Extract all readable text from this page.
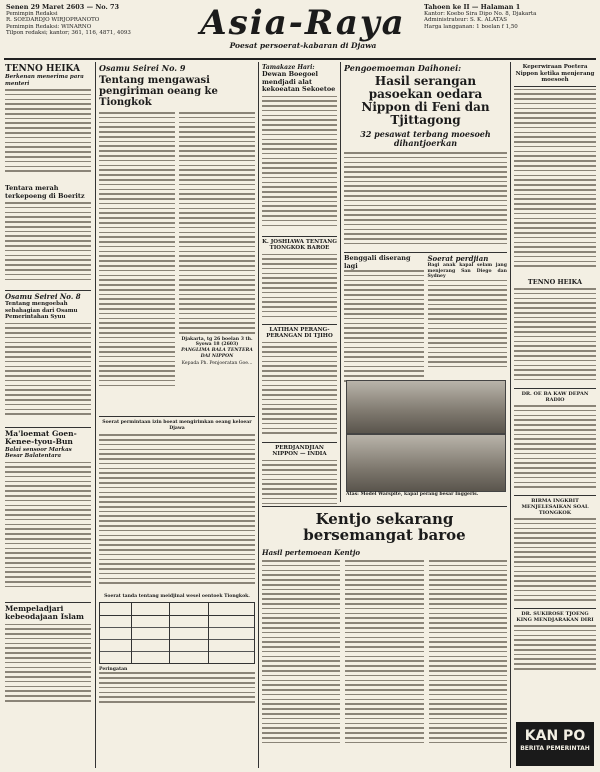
Senen 29 Maret 2603 — No. 73
Pemimpin Redaksi
R. SOEDARDJO WIRJOPRANOTO
Pemimpin Redaksi: WINARNO
Tilpon redaksi; kantor; 361, 116, 4871, 4093	Asia-Raya
Poesat persoerat-kabaran di Djawa
Tahoen ke II — Halaman 1
Kantor: Koebo Sira Dipo No. 8, Djakarta
Administrateur: S. K. ALATAS
Harga langganan: 1 boelan f 1,50
TENNO HEIKA
Berkenan menerima para menteri
Tentara merah terkepoeng di Boeritz
Osamu Seirei No. 8
Tentang mengoebah sebahagian dari Osamu Pemerintahan Syuu
Ma'loemat Goen-Kenee-tyou-Bun
Balai sensoor Markas Besar Balatentara
Mempeladjari kebeodajaan Islam
Osamu Seirei No. 9
Tentang mengawasi pengiriman oeang ke Tiongkok
Djakarta, tg 26 boelan 3 th. Syowa 18 (2603)
PANGLIMA BALA TENTERA DAI NIPPON
Kepada Ph. Penjoeratan Goe...
Soerat permintaan izin boeat mengirimkan oeang keloear Djawa
Soerat tanda tentang meidjinal wesel oentoek Tiongkok.
Peringatan
Tamakaze Hari:
Dewan Boegoel mendjadi alat kekoeatan Sekoetoe
K. JOSHIAWA TENTANG TIONGKOK BAROE
LATIHAN PERANG-PERANGAN DI TJIHO
PERDJANDJIAN NIPPON — INDIA
Pengoemoeman Daihonei:
Hasil serangan pasoekan oedara Nippon di Feni dan Tjittagong
32 pesawat terbang moesoeh dihantjoerkan
Benggali diserang lagi
Soerat perdjian
Bagi anak kapal selam jang menjerang San Diego dan Sydney
Atas: Model Warspite, kapal perang besar Inggeris.
Kentjo sekarang bersemangat baroe
Hasil pertemoean Kentjo
Keperwiraan Poetera Nippon ketika menjerang moesoeh
TENNO HEIKA
DR. OE BA KAW DEPAN RADIO
BIRMA INGKBIT MENJELESAIKAN SOAL TIONGKOK
DR. SUKIROSE TJOENG KING MENDJARAKAN DIRI
KAN PO
BERITA PEMERINTAH
